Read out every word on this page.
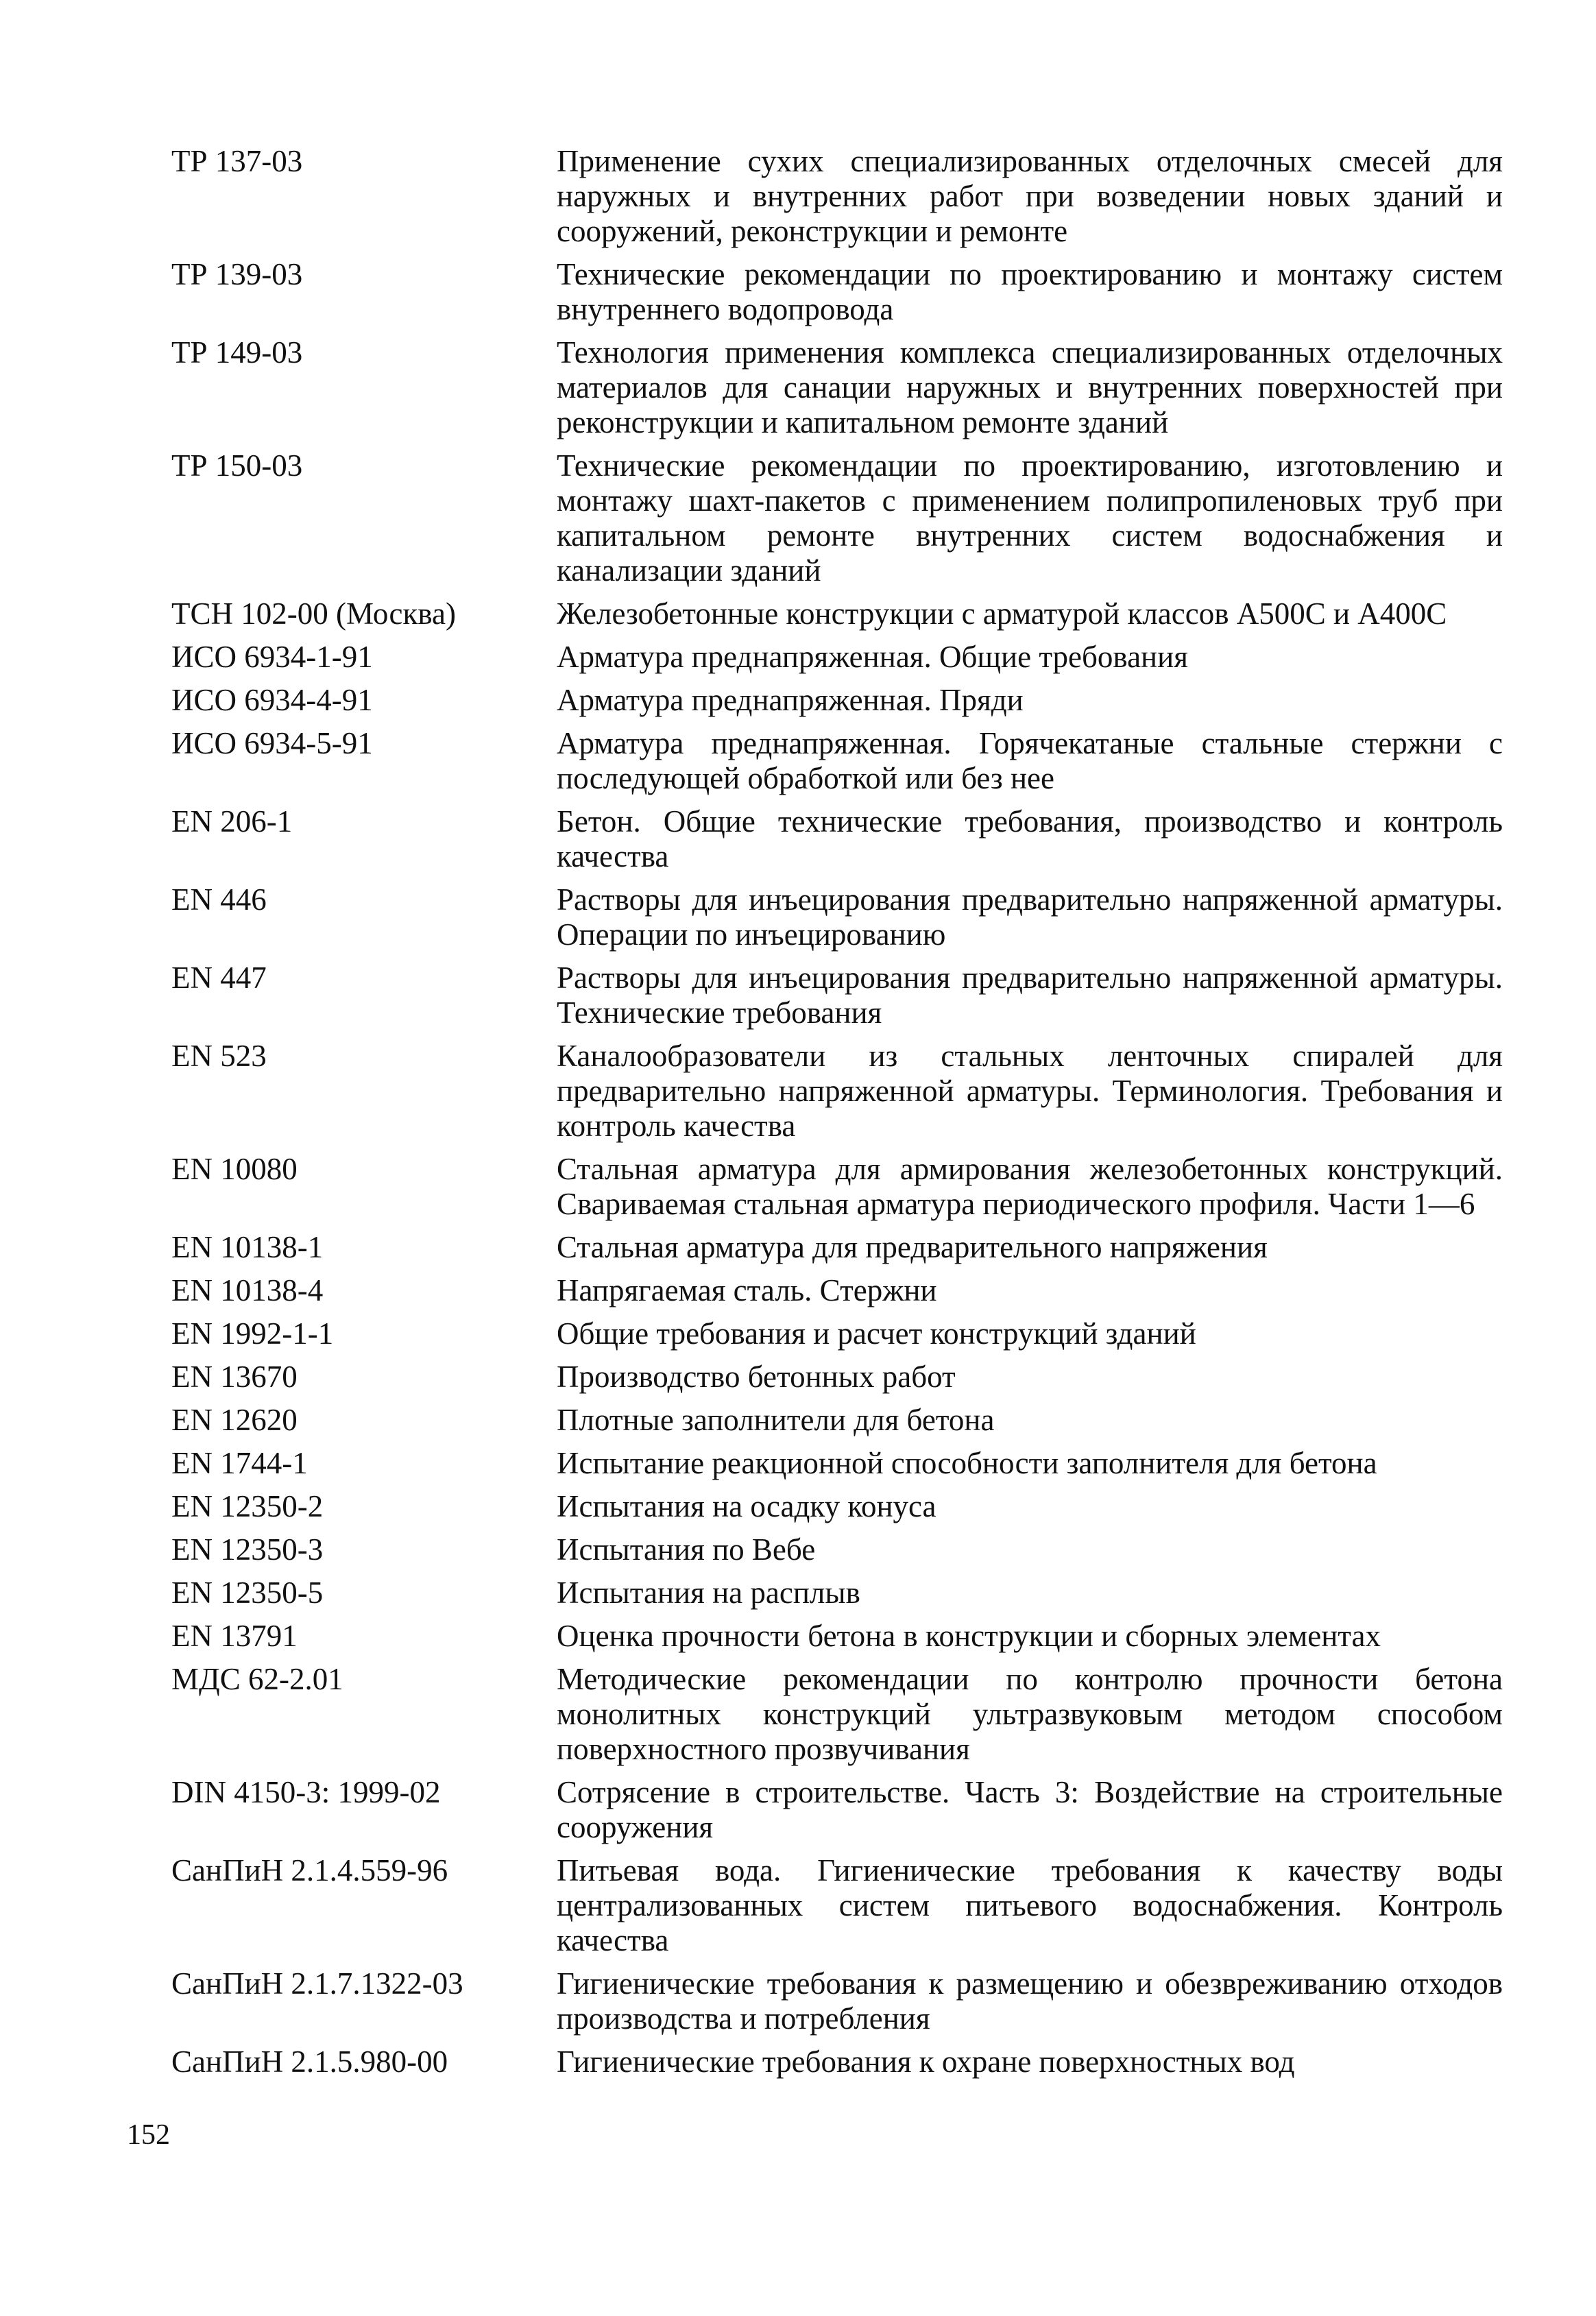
ТР 137-03	Применение сухих специализированных отделочных смесей для наружных и внутренних работ при возведении новых зданий и сооружений, реконструкции и ремонте
ТР 139-03	Технические рекомендации по проектированию и монтажу систем внутреннего водопровода
ТР 149-03	Технология применения комплекса специализированных отделочных материалов для санации наружных и внутренних поверхностей при реконструкции и капитальном ремонте зданий
ТР 150-03	Технические рекомендации по проектированию, изготовлению и монтажу шахт-пакетов с применением полипропиленовых труб при капитальном ремонте внутренних систем водоснабжения и канализации зданий
ТСН 102-00 (Москва)	Железобетонные конструкции с арматурой классов А500С и А400С
ИСО 6934-1-91	Арматура преднапряженная. Общие требования
ИСО 6934-4-91	Арматура преднапряженная. Пряди
ИСО 6934-5-91	Арматура преднапряженная. Горячекатаные стальные стержни с последующей обработкой или без нее
EN 206-1	Бетон. Общие технические требования, производство и контроль качества
EN 446	Растворы для инъецирования предварительно напряженной арматуры. Операции по инъецированию
EN 447	Растворы для инъецирования предварительно напряженной арматуры. Технические требования
EN 523	Каналообразователи из стальных ленточных спиралей для предварительно напряженной арматуры. Терминология. Требования и контроль качества
EN 10080	Стальная арматура для армирования железобетонных конструкций. Свариваемая стальная арматура периодического профиля. Части 1—6
EN 10138-1	Стальная арматура для предварительного напряжения
EN 10138-4	Напрягаемая сталь. Стержни
EN 1992-1-1	Общие требования и расчет конструкций зданий
EN 13670	Производство бетонных работ
EN 12620	Плотные заполнители для бетона
EN 1744-1	Испытание реакционной способности заполнителя для бетона
EN 12350-2	Испытания на осадку конуса
EN 12350-3	Испытания по Вебе
EN 12350-5	Испытания на расплыв
EN 13791	Оценка прочности бетона в конструкции и сборных элементах
МДС 62-2.01	Методические рекомендации по контролю прочности бетона монолитных конструкций ультразвуковым методом способом поверхностного прозвучивания
DIN 4150-3: 1999-02	Сотрясение в строительстве. Часть 3: Воздействие на строительные сооружения
СанПиН 2.1.4.559-96	Питьевая вода. Гигиенические требования к качеству воды централизованных систем питьевого водоснабжения. Контроль качества
СанПиН 2.1.7.1322-03	Гигиенические требования к размещению и обезвреживанию отходов производства и потребления
СанПиН 2.1.5.980-00	Гигиенические требования к охране поверхностных вод
152
